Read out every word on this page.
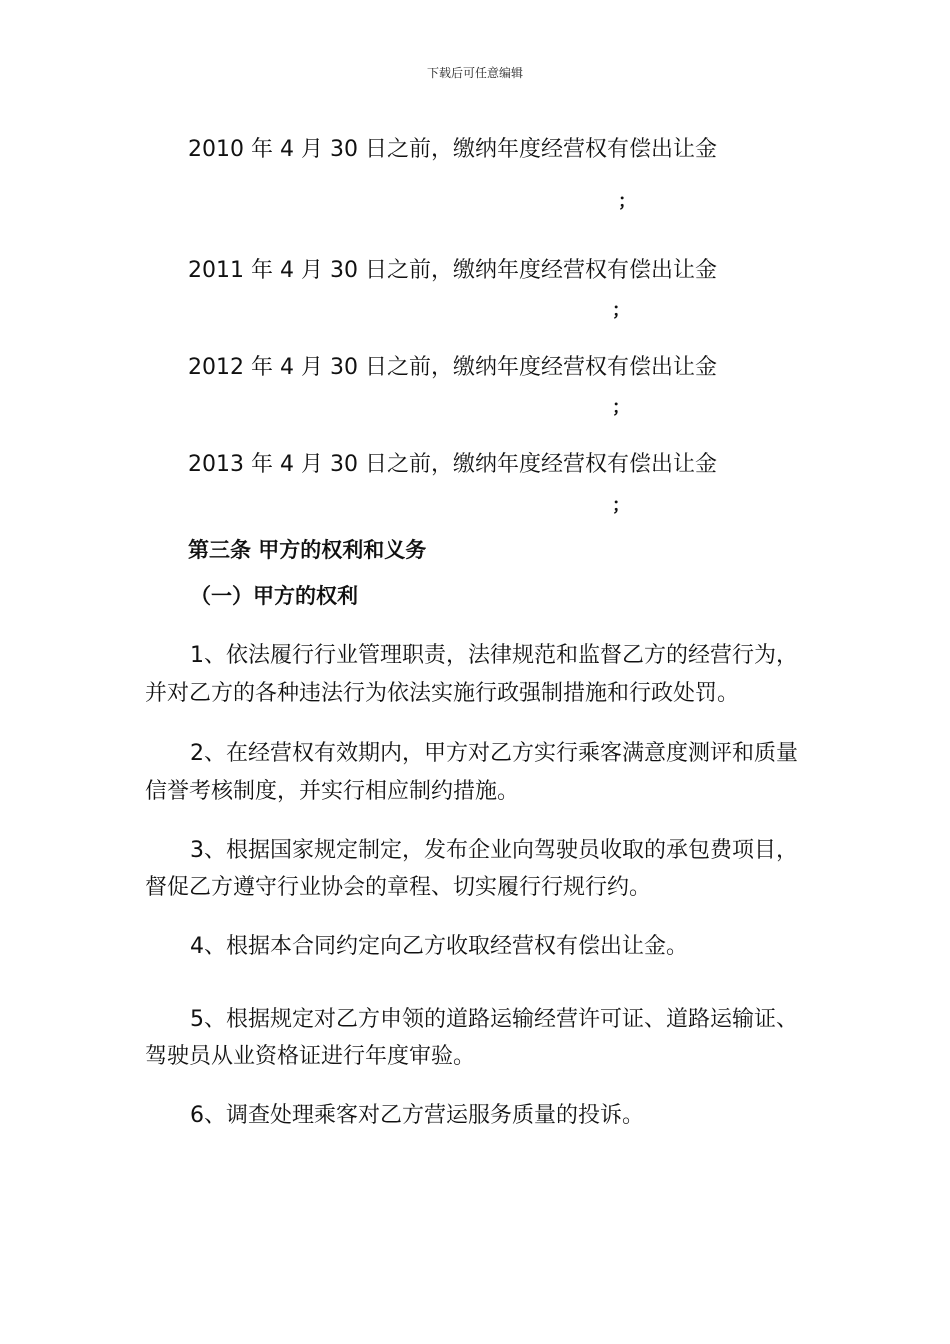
下载后可任意编辑
2010 年 4 月 30 日之前，缴纳年度经营权有偿出让金
；
2011 年 4 月 30 日之前，缴纳年度经营权有偿出让金
；
2012 年 4 月 30 日之前，缴纳年度经营权有偿出让金
；
2013 年 4 月 30 日之前，缴纳年度经营权有偿出让金
；
第三条 甲方的权利和义务
（一）甲方的权利
1、依法履行行业管理职责，法律规范和监督乙方的经营行为，
并对乙方的各种违法行为依法实施行政强制措施和行政处罚。
2、在经营权有效期内，甲方对乙方实行乘客满意度测评和质量
信誉考核制度，并实行相应制约措施。
3、根据国家规定制定，发布企业向驾驶员收取的承包费项目，
督促乙方遵守行业协会的章程、切实履行行规行约。
4、根据本合同约定向乙方收取经营权有偿出让金。
5、根据规定对乙方申领的道路运输经营许可证、道路运输证、
驾驶员从业资格证进行年度审验。
6、调查处理乘客对乙方营运服务质量的投诉。
